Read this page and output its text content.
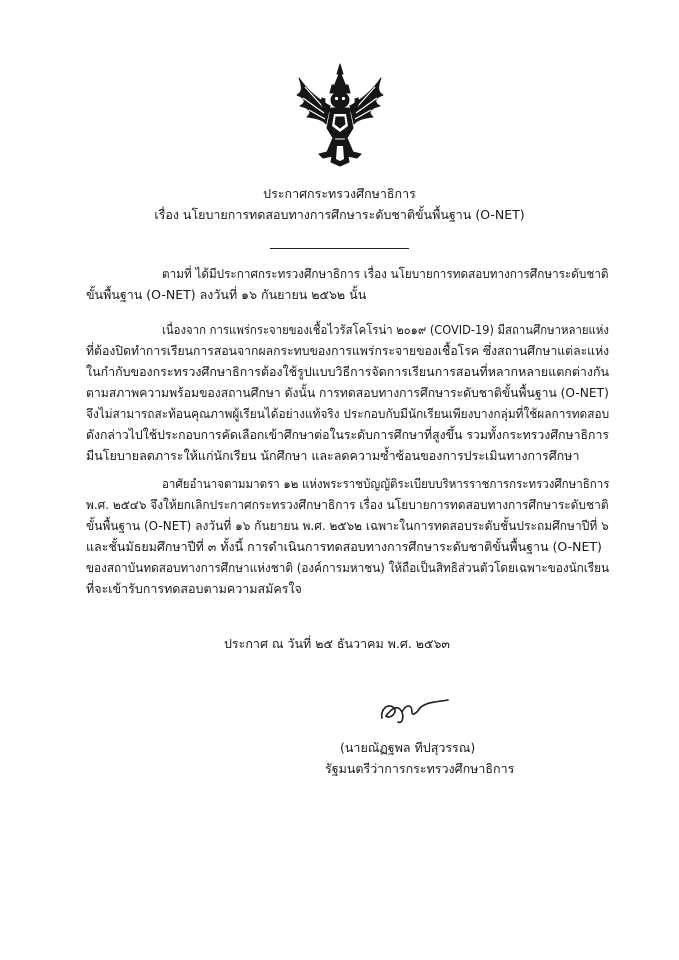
ประกาศกระทรวงศึกษาธิการ
เรื่อง นโยบายการทดสอบทางการศึกษาระดับชาติขั้นพื้นฐาน (O-NET)
ตามที่ ได้มีประกาศกระทรวงศึกษาธิการ เรื่อง นโยบายการทดสอบทางการศึกษาระดับชาติ
ขั้นพื้นฐาน (O-NET) ลงวันที่ ๑๖ กันยายน ๒๕๖๒ นั้น
เนื่องจาก การแพร่กระจายของเชื้อไวรัสโคโรน่า ๒๐๑๙ (COVID-19) มีสถานศึกษาหลายแห่ง
ที่ต้องปิดทำการเรียนการสอนจากผลกระทบของการแพร่กระจายของเชื้อโรค ซึ่งสถานศึกษาแต่ละแห่ง
ในกำกับของกระทรวงศึกษาธิการต้องใช้รูปแบบวิธีการจัดการเรียนการสอนที่หลากหลายแตกต่างกัน
ตามสภาพความพร้อมของสถานศึกษา ดังนั้น การทดสอบทางการศึกษาระดับชาติขั้นพื้นฐาน (O-NET)
จึงไม่สามารถสะท้อนคุณภาพผู้เรียนได้อย่างแท้จริง ประกอบกับมีนักเรียนเพียงบางกลุ่มที่ใช้ผลการทดสอบ
ดังกล่าวไปใช้ประกอบการคัดเลือกเข้าศึกษาต่อในระดับการศึกษาที่สูงขึ้น รวมทั้งกระทรวงศึกษาธิการ
มีนโยบายลดภาระให้แก่นักเรียน นักศึกษา และลดความซ้ำซ้อนของการประเมินทางการศึกษา
อาศัยอำนาจตามมาตรา ๑๒ แห่งพระราชบัญญัติระเบียบบริหารราชการกระทรวงศึกษาธิการ
พ.ศ. ๒๕๔๖ จึงให้ยกเลิกประกาศกระทรวงศึกษาธิการ เรื่อง นโยบายการทดสอบทางการศึกษาระดับชาติ
ขั้นพื้นฐาน (O-NET) ลงวันที่ ๑๖ กันยายน พ.ศ. ๒๕๖๒ เฉพาะในการทดสอบระดับชั้นประถมศึกษาปีที่ ๖
และชั้นมัธยมศึกษาปีที่ ๓ ทั้งนี้ การดำเนินการทดสอบทางการศึกษาระดับชาติขั้นพื้นฐาน (O-NET)
ของสถาบันทดสอบทางการศึกษาแห่งชาติ (องค์การมหาชน) ให้ถือเป็นสิทธิส่วนตัวโดยเฉพาะของนักเรียน
ที่จะเข้ารับการทดสอบตามความสมัครใจ
ประกาศ ณ วันที่ ๒๕ ธันวาคม พ.ศ. ๒๕๖๓
(นายณัฏฐพล ทีปสุวรรณ)
รัฐมนตรีว่าการกระทรวงศึกษาธิการ
